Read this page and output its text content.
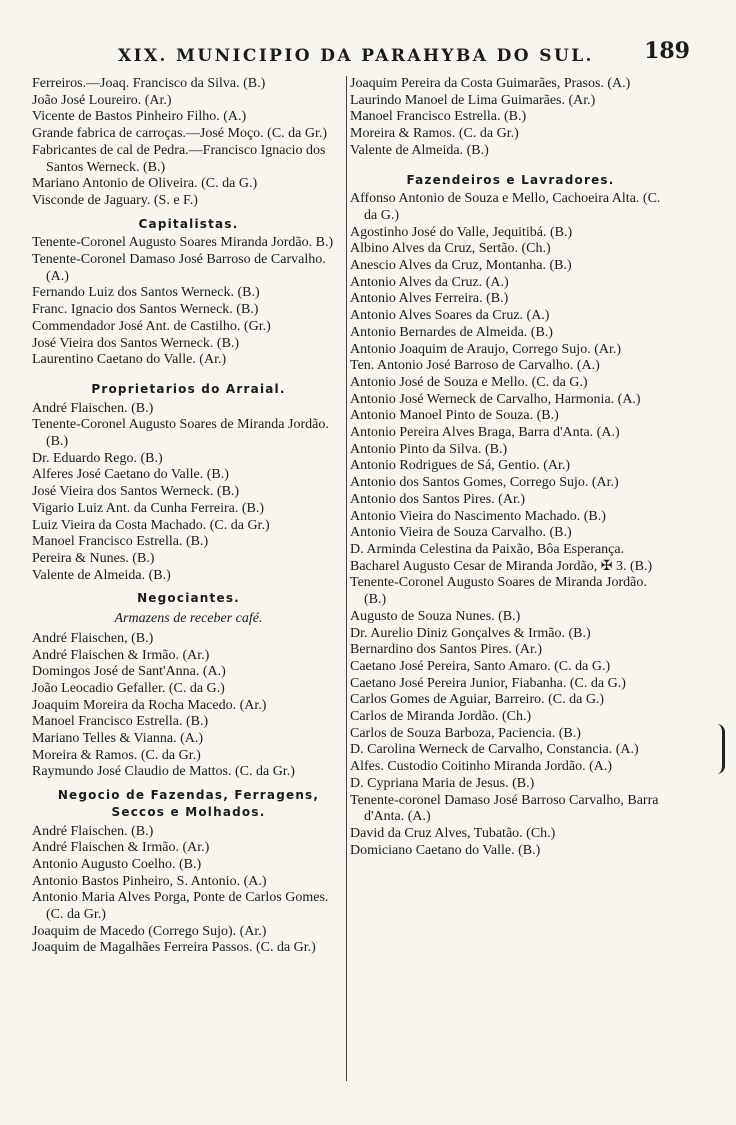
XIX. MUNICIPIO DA PARAHYBA DO SUL. 189

Ferreiros.—Joaq. Francisco da Silva. (B.)

João José Loureiro. (Ar.)

Vicente de Bastos Pinheiro Filho. (A.)

Grande fabrica de carroças.—José Moço. (C. da Gr.)

Fabricantes de cal de Pedra.—Francisco Ignacio dos Santos Werneck. (B.)

Mariano Antonio de Oliveira. (C. da G.)

Visconde de Jaguary. (S. e F.)

Capitalistas.

Tenente-Coronel Augusto Soares Miranda Jordão. B.)

Tenente-Coronel Damaso José Barroso de Carvalho. (A.)

Fernando Luiz dos Santos Werneck. (B.)

Franc. Ignacio dos Santos Werneck. (B.)

Commendador José Ant. de Castilho. (Gr.)

José Vieira dos Santos Werneck. (B.)

Laurentino Caetano do Valle. (Ar.)

Proprietarios do Arraial.

André Flaischen. (B.)

Tenente-Coronel Augusto Soares de Miranda Jordão. (B.)

Dr. Eduardo Rego. (B.)

Alferes José Caetano do Valle. (B.)

José Vieira dos Santos Werneck. (B.)

Vigario Luiz Ant. da Cunha Ferreira. (B.)

Luiz Vieira da Costa Machado. (C. da Gr.)

Manoel Francisco Estrella. (B.)

Pereira & Nunes. (B.)

Valente de Almeida. (B.)

Negociantes.
Armazens de receber café.

André Flaischen, (B.)

André Flaischen & Irmão. (Ar.)

Domingos José de Sant'Anna. (A.)

João Leocadio Gefaller. (C. da G.)

Joaquim Moreira da Rocha Macedo. (Ar.)

Manoel Francisco Estrella. (B.)

Mariano Telles & Vianna. (A.)

Moreira & Ramos. (C. da Gr.)

Raymundo José Claudio de Mattos. (C. da Gr.)

Negocio de Fazendas, Ferragens, Seccos e Molhados.

André Flaischen. (B.)

André Flaischen & Irmão. (Ar.)

Antonio Augusto Coelho. (B.)

Antonio Bastos Pinheiro, S. Antonio. (A.)

Antonio Maria Alves Porga, Ponte de Carlos Gomes. (C. da Gr.)

Joaquim de Macedo (Corrego Sujo). (Ar.)

Joaquim de Magalhães Ferreira Passos. (C. da Gr.)

Joaquim Pereira da Costa Guimarães, Prasos. (A.)

Laurindo Manoel de Lima Guimarães. (Ar.)

Manoel Francisco Estrella. (B.)

Moreira & Ramos. (C. da Gr.)

Valente de Almeida. (B.)

Fazendeiros e Lavradores.

Affonso Antonio de Souza e Mello, Cachoeira Alta. (C. da G.)

Agostinho José do Valle, Jequitibá. (B.)

Albino Alves da Cruz, Sertão. (Ch.)

Anescio Alves da Cruz, Montanha. (B.)

Antonio Alves da Cruz. (A.)

Antonio Alves Ferreira. (B.)

Antonio Alves Soares da Cruz. (A.)

Antonio Bernardes de Almeida. (B.)

Antonio Joaquim de Araujo, Corrego Sujo. (Ar.)

Ten. Antonio José Barroso de Carvalho. (A.)

Antonio José de Souza e Mello. (C. da G.)

Antonio José Werneck de Carvalho, Harmonia. (A.)

Antonio Manoel Pinto de Souza. (B.)

Antonio Pereira Alves Braga, Barra d'Anta. (A.)

Antonio Pinto da Silva. (B.)

Antonio Rodrigues de Sá, Gentio. (Ar.)

Antonio dos Santos Gomes, Corrego Sujo. (Ar.)

Antonio dos Santos Pires. (Ar.)

Antonio Vieira do Nascimento Machado. (B.)

Antonio Vieira de Souza Carvalho. (B.)

D. Arminda Celestina da Paixão, Bôa Esperança.

Bacharel Augusto Cesar de Miranda Jordão, ✠ 3. (B.)

Tenente-Coronel Augusto Soares de Miranda Jordão. (B.)

Augusto de Souza Nunes. (B.)

Dr. Aurelio Diniz Gonçalves & Irmão. (B.)

Bernardino dos Santos Pires. (Ar.)

Caetano José Pereira, Santo Amaro. (C. da G.)

Caetano José Pereira Junior, Fiabanha. (C. da G.)

Carlos Gomes de Aguiar, Barreiro. (C. da G.)

Carlos de Miranda Jordão. (Ch.)

Carlos de Souza Barboza, Paciencia. (B.)

D. Carolina Werneck de Carvalho, Constancia. (A.)

Alfes. Custodio Coitinho Miranda Jordão. (A.)

D. Cypriana Maria de Jesus. (B.)

Tenente-coronel Damaso José Barroso Carvalho, Barra d'Anta. (A.)

David da Cruz Alves, Tubatão. (Ch.)

Domiciano Caetano do Valle. (B.)
